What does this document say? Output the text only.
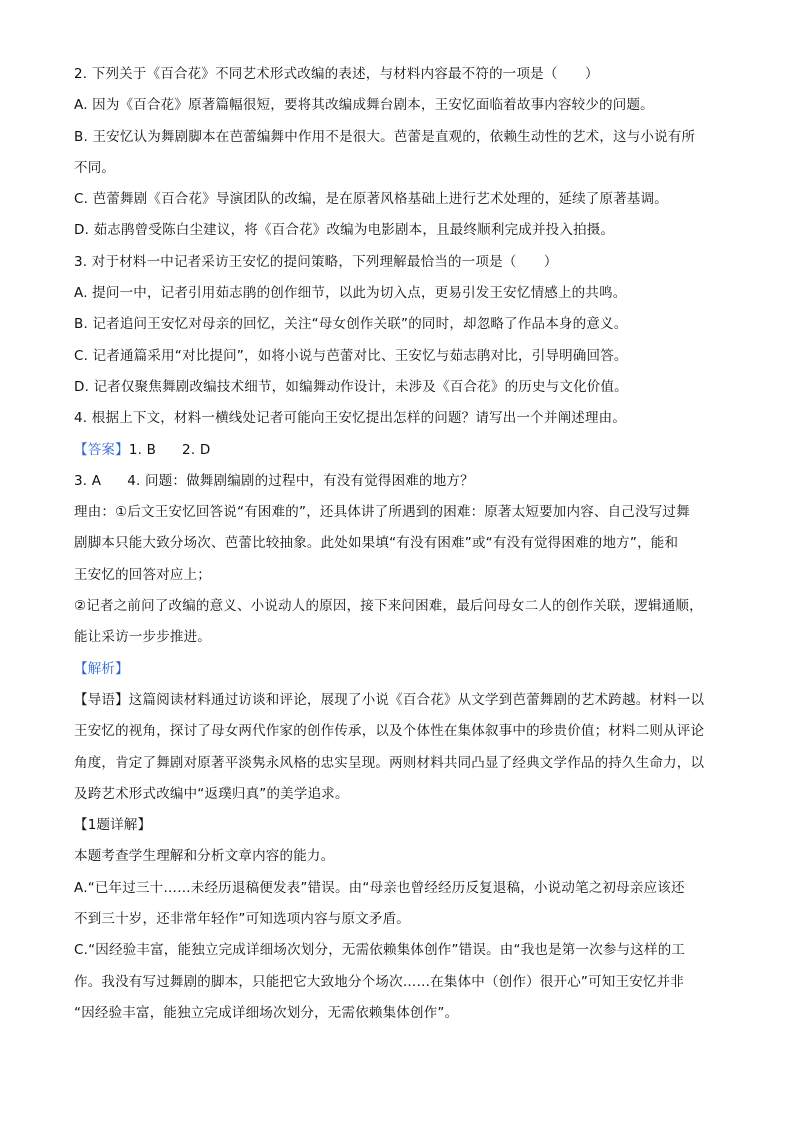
2. 下列关于《百合花》不同艺术形式改编的表述，与材料内容最不符的一项是（　　）
A. 因为《百合花》原著篇幅很短，要将其改编成舞台剧本，王安忆面临着故事内容较少的问题。
B. 王安忆认为舞剧脚本在芭蕾编舞中作用不是很大。芭蕾是直观的，依赖生动性的艺术，这与小说有所
不同。
C. 芭蕾舞剧《百合花》导演团队的改编，是在原著风格基础上进行艺术处理的，延续了原著基调。
D. 茹志鹃曾受陈白尘建议，将《百合花》改编为电影剧本，且最终顺利完成并投入拍摄。
3. 对于材料一中记者采访王安忆的提问策略，下列理解最恰当的一项是（　　）
A. 提问一中，记者引用茹志鹃的创作细节，以此为切入点，更易引发王安忆情感上的共鸣。
B. 记者追问王安忆对母亲的回忆，关注“母女创作关联”的同时，却忽略了作品本身的意义。
C. 记者通篇采用“对比提问”，如将小说与芭蕾对比、王安忆与茹志鹃对比，引导明确回答。
D. 记者仅聚焦舞剧改编技术细节，如编舞动作设计，未涉及《百合花》的历史与文化价值。
4. 根据上下文，材料一横线处记者可能向王安忆提出怎样的问题？请写出一个并阐述理由。
【答案】1. B 2. D
3. A 4. 问题：做舞剧编剧的过程中，有没有觉得困难的地方？
理由：①后文王安忆回答说“有困难的”，还具体讲了所遇到的困难：原著太短要加内容、自己没写过舞
剧脚本只能大致分场次、芭蕾比较抽象。此处如果填“有没有困难”或“有没有觉得困难的地方”，能和
王安忆的回答对应上；
②记者之前问了改编的意义、小说动人的原因，接下来问困难，最后问母女二人的创作关联，逻辑通顺，
能让采访一步步推进。
【解析】
【导语】这篇阅读材料通过访谈和评论，展现了小说《百合花》从文学到芭蕾舞剧的艺术跨越。材料一以
王安忆的视角，探讨了母女两代作家的创作传承，以及个体性在集体叙事中的珍贵价值；材料二则从评论
角度，肯定了舞剧对原著平淡隽永风格的忠实呈现。两则材料共同凸显了经典文学作品的持久生命力，以
及跨艺术形式改编中“返璞归真”的美学追求。
【1题详解】
本题考查学生理解和分析文章内容的能力。
A.“已年过三十……未经历退稿便发表”错误。由“母亲也曾经经历反复退稿，小说动笔之初母亲应该还
不到三十岁，还非常年轻作”可知选项内容与原文矛盾。
C.“因经验丰富，能独立完成详细场次划分，无需依赖集体创作”错误。由“我也是第一次参与这样的工
作。我没有写过舞剧的脚本，只能把它大致地分个场次……在集体中（创作）很开心”可知王安忆并非
“因经验丰富，能独立完成详细场次划分，无需依赖集体创作”。
